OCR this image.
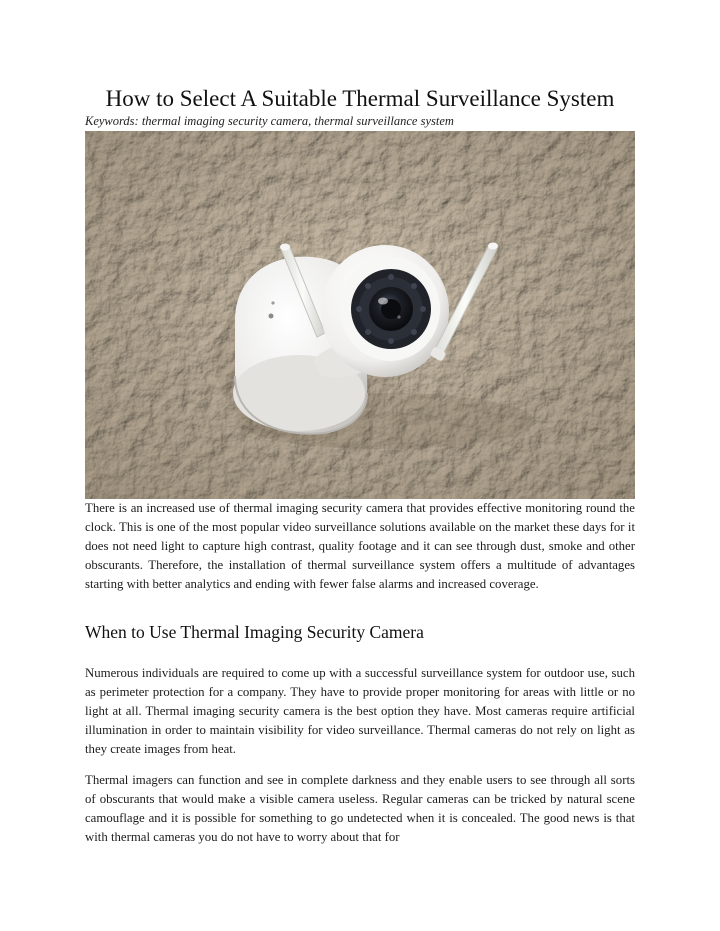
How to Select A Suitable Thermal Surveillance System
Keywords: thermal imaging security camera, thermal surveillance system

There is an increased use of thermal imaging security camera that provides effective monitoring round the clock. This is one of the most popular video surveillance solutions available on the market these days for it does not need light to capture high contrast, quality footage and it can see through dust, smoke and other obscurants. Therefore, the installation of thermal surveillance system offers a multitude of advantages starting with better analytics and ending with fewer false alarms and increased coverage.

When to Use Thermal Imaging Security Camera

Numerous individuals are required to come up with a successful surveillance system for outdoor use, such as perimeter protection for a company. They have to provide proper monitoring for areas with little or no light at all. Thermal imaging security camera is the best option they have. Most cameras require artificial illumination in order to maintain visibility for video surveillance. Thermal cameras do not rely on light as they create images from heat.

Thermal imagers can function and see in complete darkness and they enable users to see through all sorts of obscurants that would make a visible camera useless. Regular cameras can be tricked by natural scene camouflage and it is possible for something to go undetected when it is concealed. The good news is that with thermal cameras you do not have to worry about that for
